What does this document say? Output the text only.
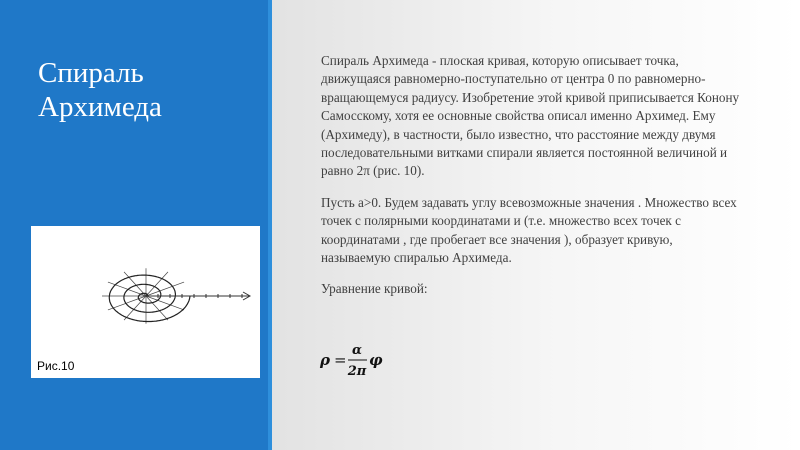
Спираль
Архимеда
Рис.10

Спираль Архимеда - плоская кривая, которую описывает точка, движущаяся равномерно-поступательно от центра 0 по равномерно-вращающемуся радиусу. Изобретение этой кривой приписывается Конону Самосскому, хотя ее основные свойства описал именно Архимед. Ему (Архимеду), в частности, было известно, что расстояние между двумя последовательными витками спирали является постоянной величиной и равно 2π (рис. 10).

Пусть a>0. Будем задавать углу всевозможные значения . Множество всех точек с полярными координатами и (т.е. множество всех точек с координатами , где пробегает все значения ), образует кривую, называемую спиралью Архимеда.

Уравнение кривой:

ρ =
α
2π
φ
